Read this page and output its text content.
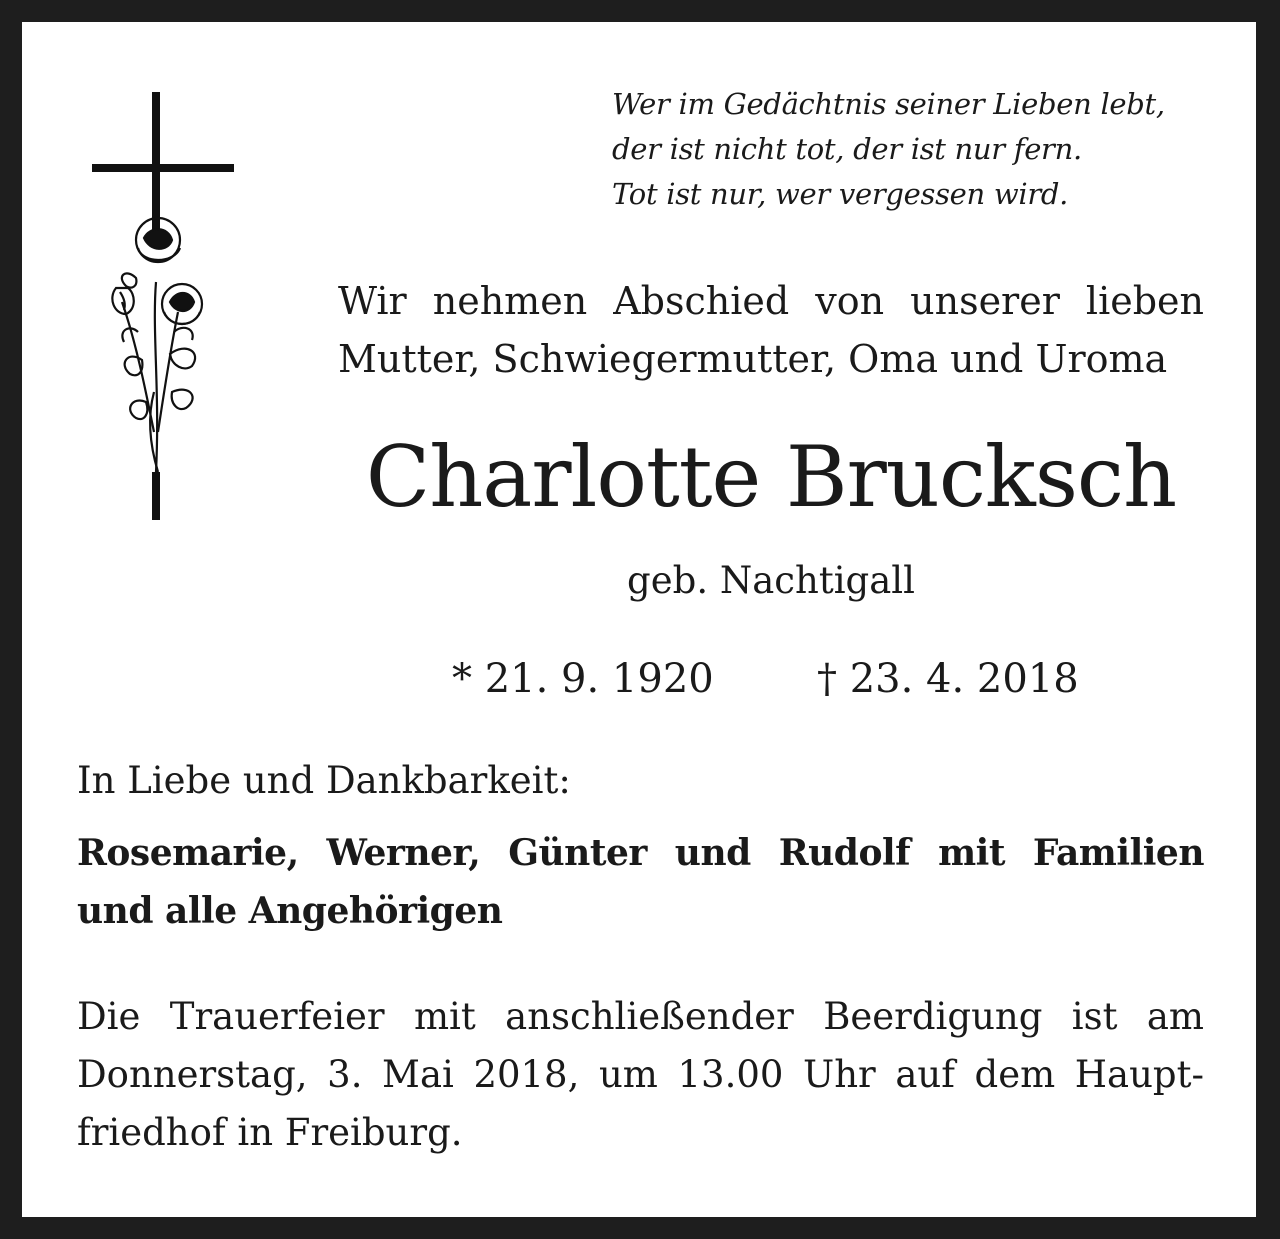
Wer im Gedächtnis seiner Lieben lebt,
der ist nicht tot, der ist nur fern.
Tot ist nur, wer vergessen wird.
Wir nehmen Abschied von unserer lieben
Mutter, Schwiegermutter, Oma und Uroma
Charlotte Brucksch
geb. Nachtigall
* 21. 9. 1920	† 23. 4. 2018
In Liebe und Dankbarkeit:
Rosemarie, Werner, Günter und Rudolf mit Familien
und alle Angehörigen
Die Trauerfeier mit anschließender Beerdigung ist am
Donnerstag, 3. Mai 2018, um 13.00 Uhr auf dem Haupt-
friedhof in Freiburg.
